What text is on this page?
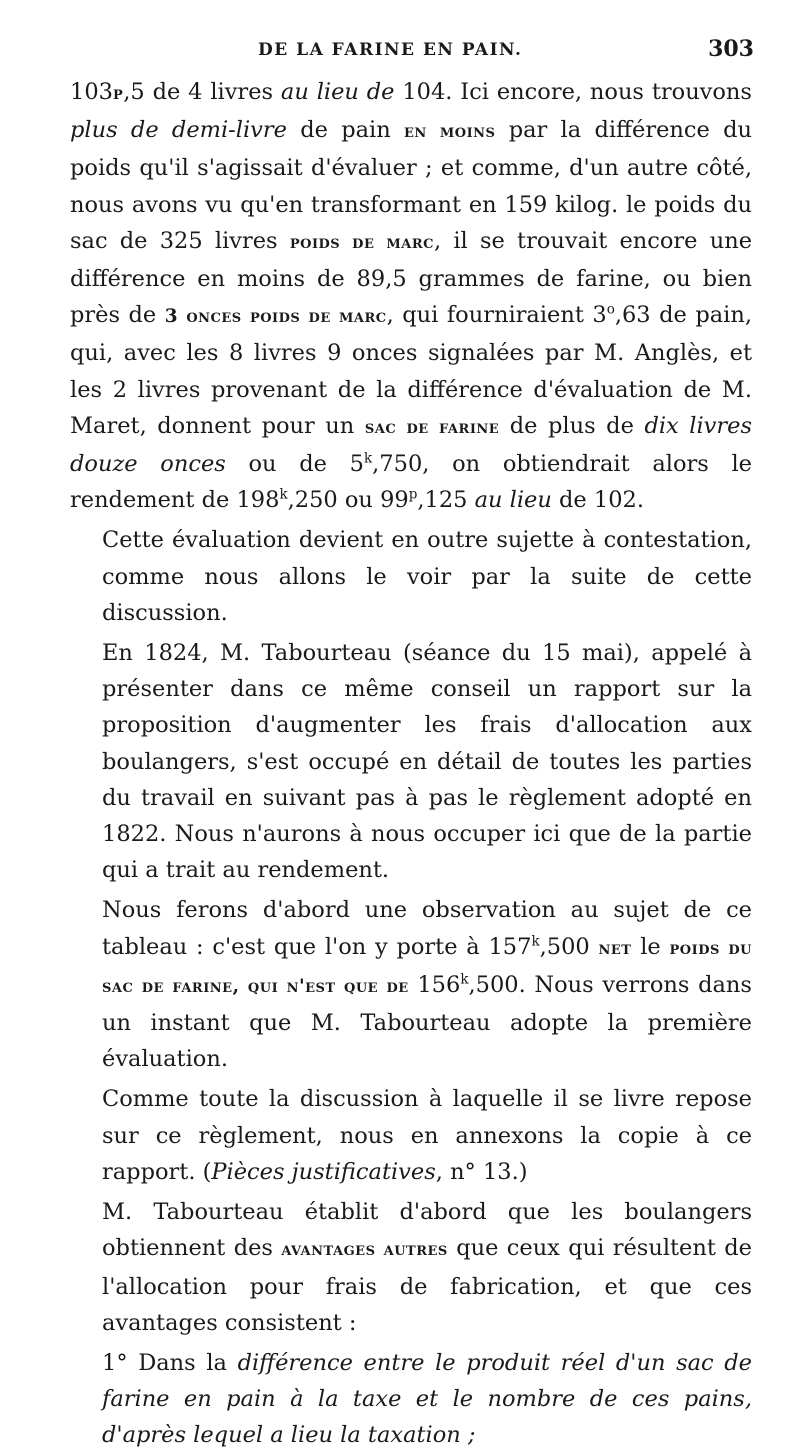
DE LA FARINE EN PAIN.	303

103p,5 de 4 livres au lieu de 104. Ici encore, nous trouvons plus de demi-livre de pain en moins par la différence du poids qu'il s'agissait d'évaluer ; et comme, d'un autre côté, nous avons vu qu'en transformant en 159 kilog. le poids du sac de 325 livres poids de marc, il se trouvait encore une différence en moins de 89,5 grammes de farine, ou bien près de 3 onces poids de marc, qui fourniraient 3$^o$,63 de pain, qui, avec les 8 livres 9 onces signalées par M. Anglès, et les 2 livres provenant de la différence d'évaluation de M. Maret, donnent pour un sac de farine de plus de dix livres douze onces ou de 5$^k$,750, on obtiendrait alors le rendement de 198$^k$,250 ou 99$^p$,125 au lieu de 102.

Cette évaluation devient en outre sujette à contestation, comme nous allons le voir par la suite de cette discussion.

En 1824, M. Tabourteau (séance du 15 mai), appelé à présenter dans ce même conseil un rapport sur la proposition d'augmenter les frais d'allocation aux boulangers, s'est occupé en détail de toutes les parties du travail en suivant pas à pas le règlement adopté en 1822. Nous n'aurons à nous occuper ici que de la partie qui a trait au rendement.

Nous ferons d'abord une observation au sujet de ce tableau : c'est que l'on y porte à 157$^k$,500 net le poids du sac de farine, qui n'est que de 156$^k$,500. Nous verrons dans un instant que M. Tabourteau adopte la première évaluation.

Comme toute la discussion à laquelle il se livre repose sur ce règlement, nous en annexons la copie à ce rapport. (Pièces justificatives, n° 13.)

M. Tabourteau établit d'abord que les boulangers obtiennent des avantages autres que ceux qui résultent de l'allocation pour frais de fabrication, et que ces avantages consistent :

1° Dans la différence entre le produit réel d'un sac de farine en pain à la taxe et le nombre de ces pains, d'après lequel a lieu la taxation ;
